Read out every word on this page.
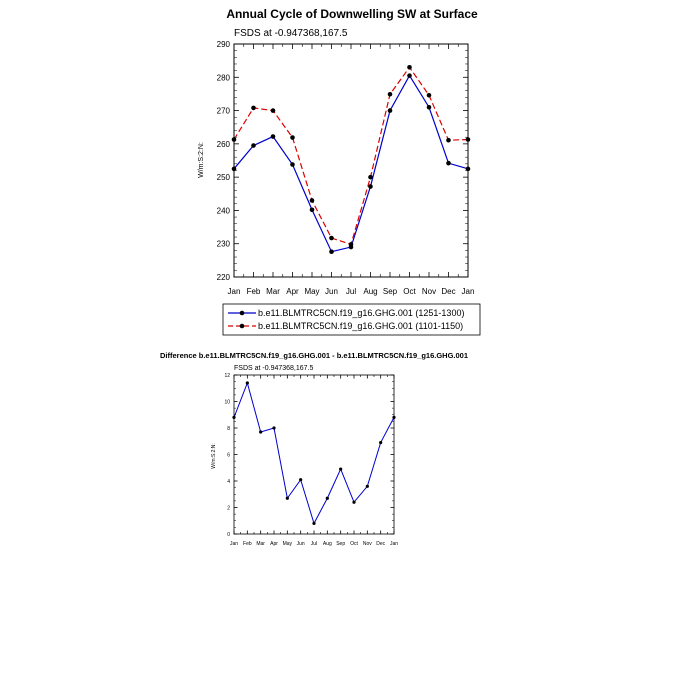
Annual Cycle of Downwelling SW at Surface
FSDS at -0.947368,167.5
W/m:S:2:N:
220
230
240
250
260
270
280
290
Jan Feb Mar Apr May Jun Jul Aug Sep Oct Nov Dec Jan
b.e11.BLMTRC5CN.f19_g16.GHG.001 (1251-1300)
b.e11.BLMTRC5CN.f19_g16.GHG.001 (1101-1150)
Difference b.e11.BLMTRC5CN.f19_g16.GHG.001 - b.e11.BLMTRC5CN.f19_g16.GHG.001
FSDS at -0.947368,167.5
W/m:S:2:N:
0
2
4
6
8
10
12
Jan Feb Mar Apr May Jun Jul Aug Sep Oct Nov Dec Jan
